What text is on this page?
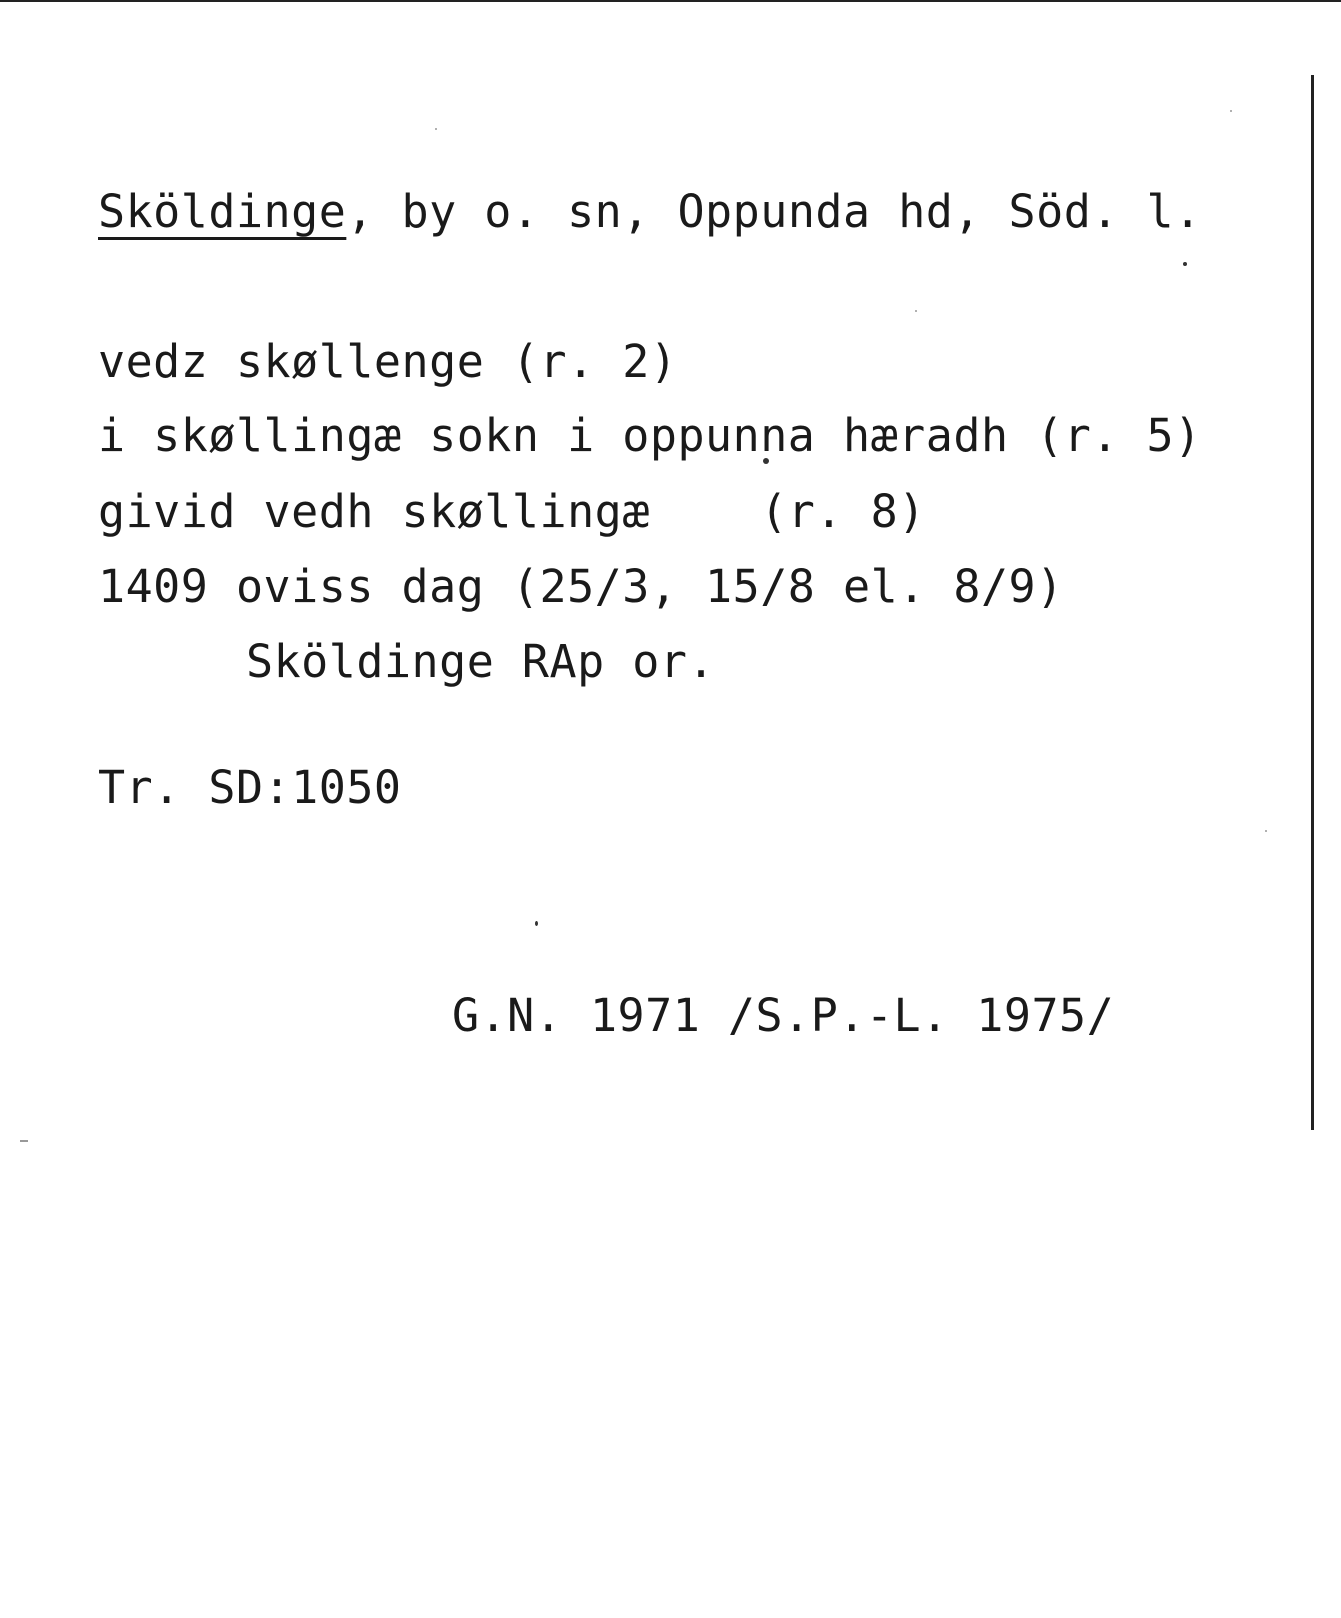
Sköldinge, by o. sn, Oppunda hd, Söd. l.
vedz skøllenge (r. 2)
i skøllingæ sokn i oppunna hæradh (r. 5)
givid vedh skøllingæ    (r. 8)
1409 oviss dag (25/3, 15/8 el. 8/9)
Sköldinge RAp or.
Tr. SD:1050
G.N. 1971 /S.P.-L. 1975/
